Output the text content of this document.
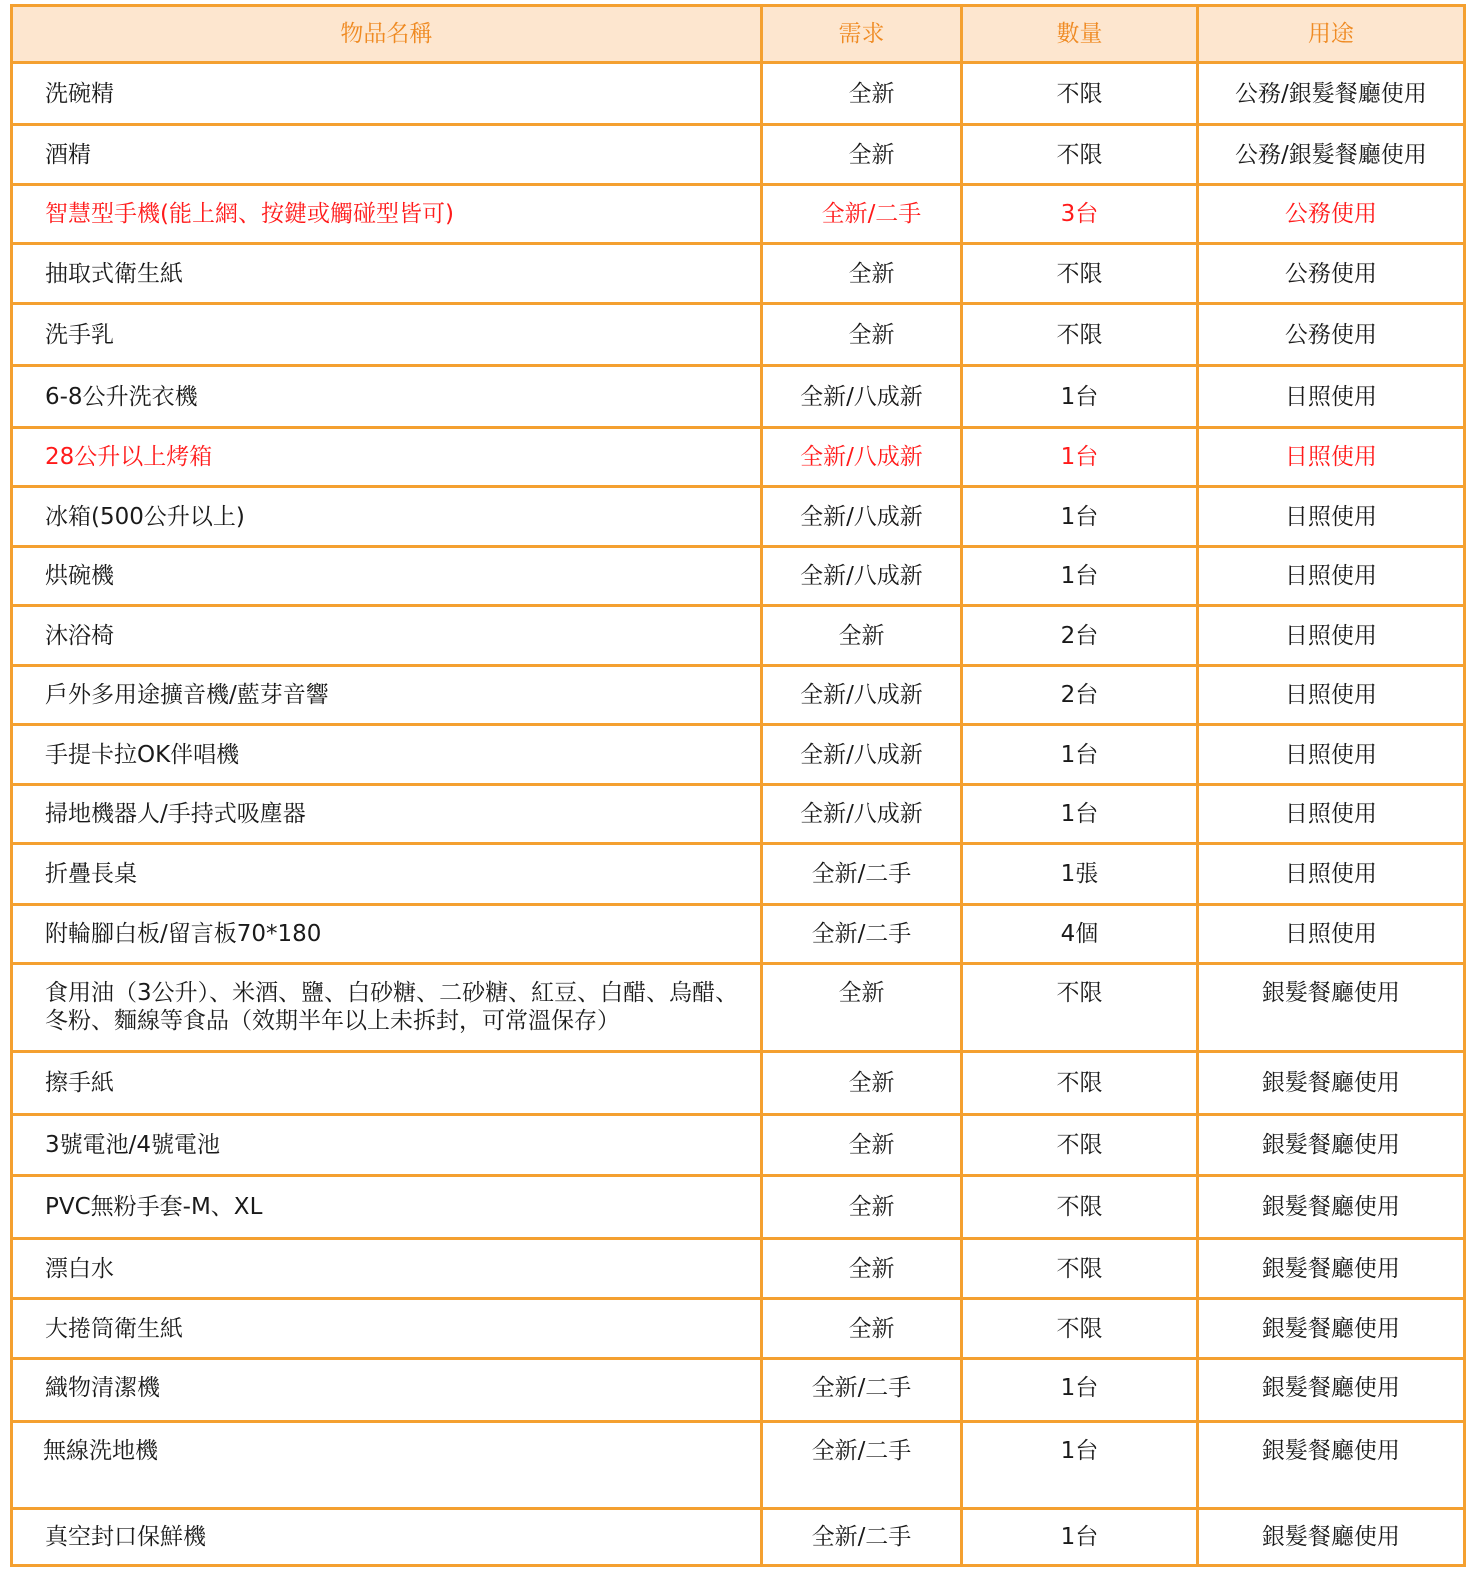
物品名稱	需求	數量	用途
洗碗精	全新	不限	公務/銀髮餐廳使用
酒精	全新	不限	公務/銀髮餐廳使用
智慧型手機(能上網、按鍵或觸碰型皆可)	全新/二手	3台	公務使用
抽取式衛生紙	全新	不限	公務使用
洗手乳	全新	不限	公務使用
6-8公升洗衣機	全新/八成新	1台	日照使用
28公升以上烤箱	全新/八成新	1台	日照使用
冰箱(500公升以上)	全新/八成新	1台	日照使用
烘碗機	全新/八成新	1台	日照使用
沐浴椅	全新	2台	日照使用
戶外多用途擴音機/藍芽音響	全新/八成新	2台	日照使用
手提卡拉OK伴唱機	全新/八成新	1台	日照使用
掃地機器人/手持式吸塵器	全新/八成新	1台	日照使用
折疊長桌	全新/二手	1張	日照使用
附輪腳白板/留言板70*180	全新/二手	4個	日照使用
食用油（3公升）、米酒、鹽、白砂糖、二砂糖、紅豆、白醋、烏醋、冬粉、麵線等食品（效期半年以上未拆封，可常溫保存）	全新	不限	銀髮餐廳使用
擦手紙	全新	不限	銀髮餐廳使用
3號電池/4號電池	全新	不限	銀髮餐廳使用
PVC無粉手套-M、XL	全新	不限	銀髮餐廳使用
漂白水	全新	不限	銀髮餐廳使用
大捲筒衛生紙	全新	不限	銀髮餐廳使用
織物清潔機	全新/二手	1台	銀髮餐廳使用
無線洗地機	全新/二手	1台	銀髮餐廳使用
真空封口保鮮機	全新/二手	1台	銀髮餐廳使用
